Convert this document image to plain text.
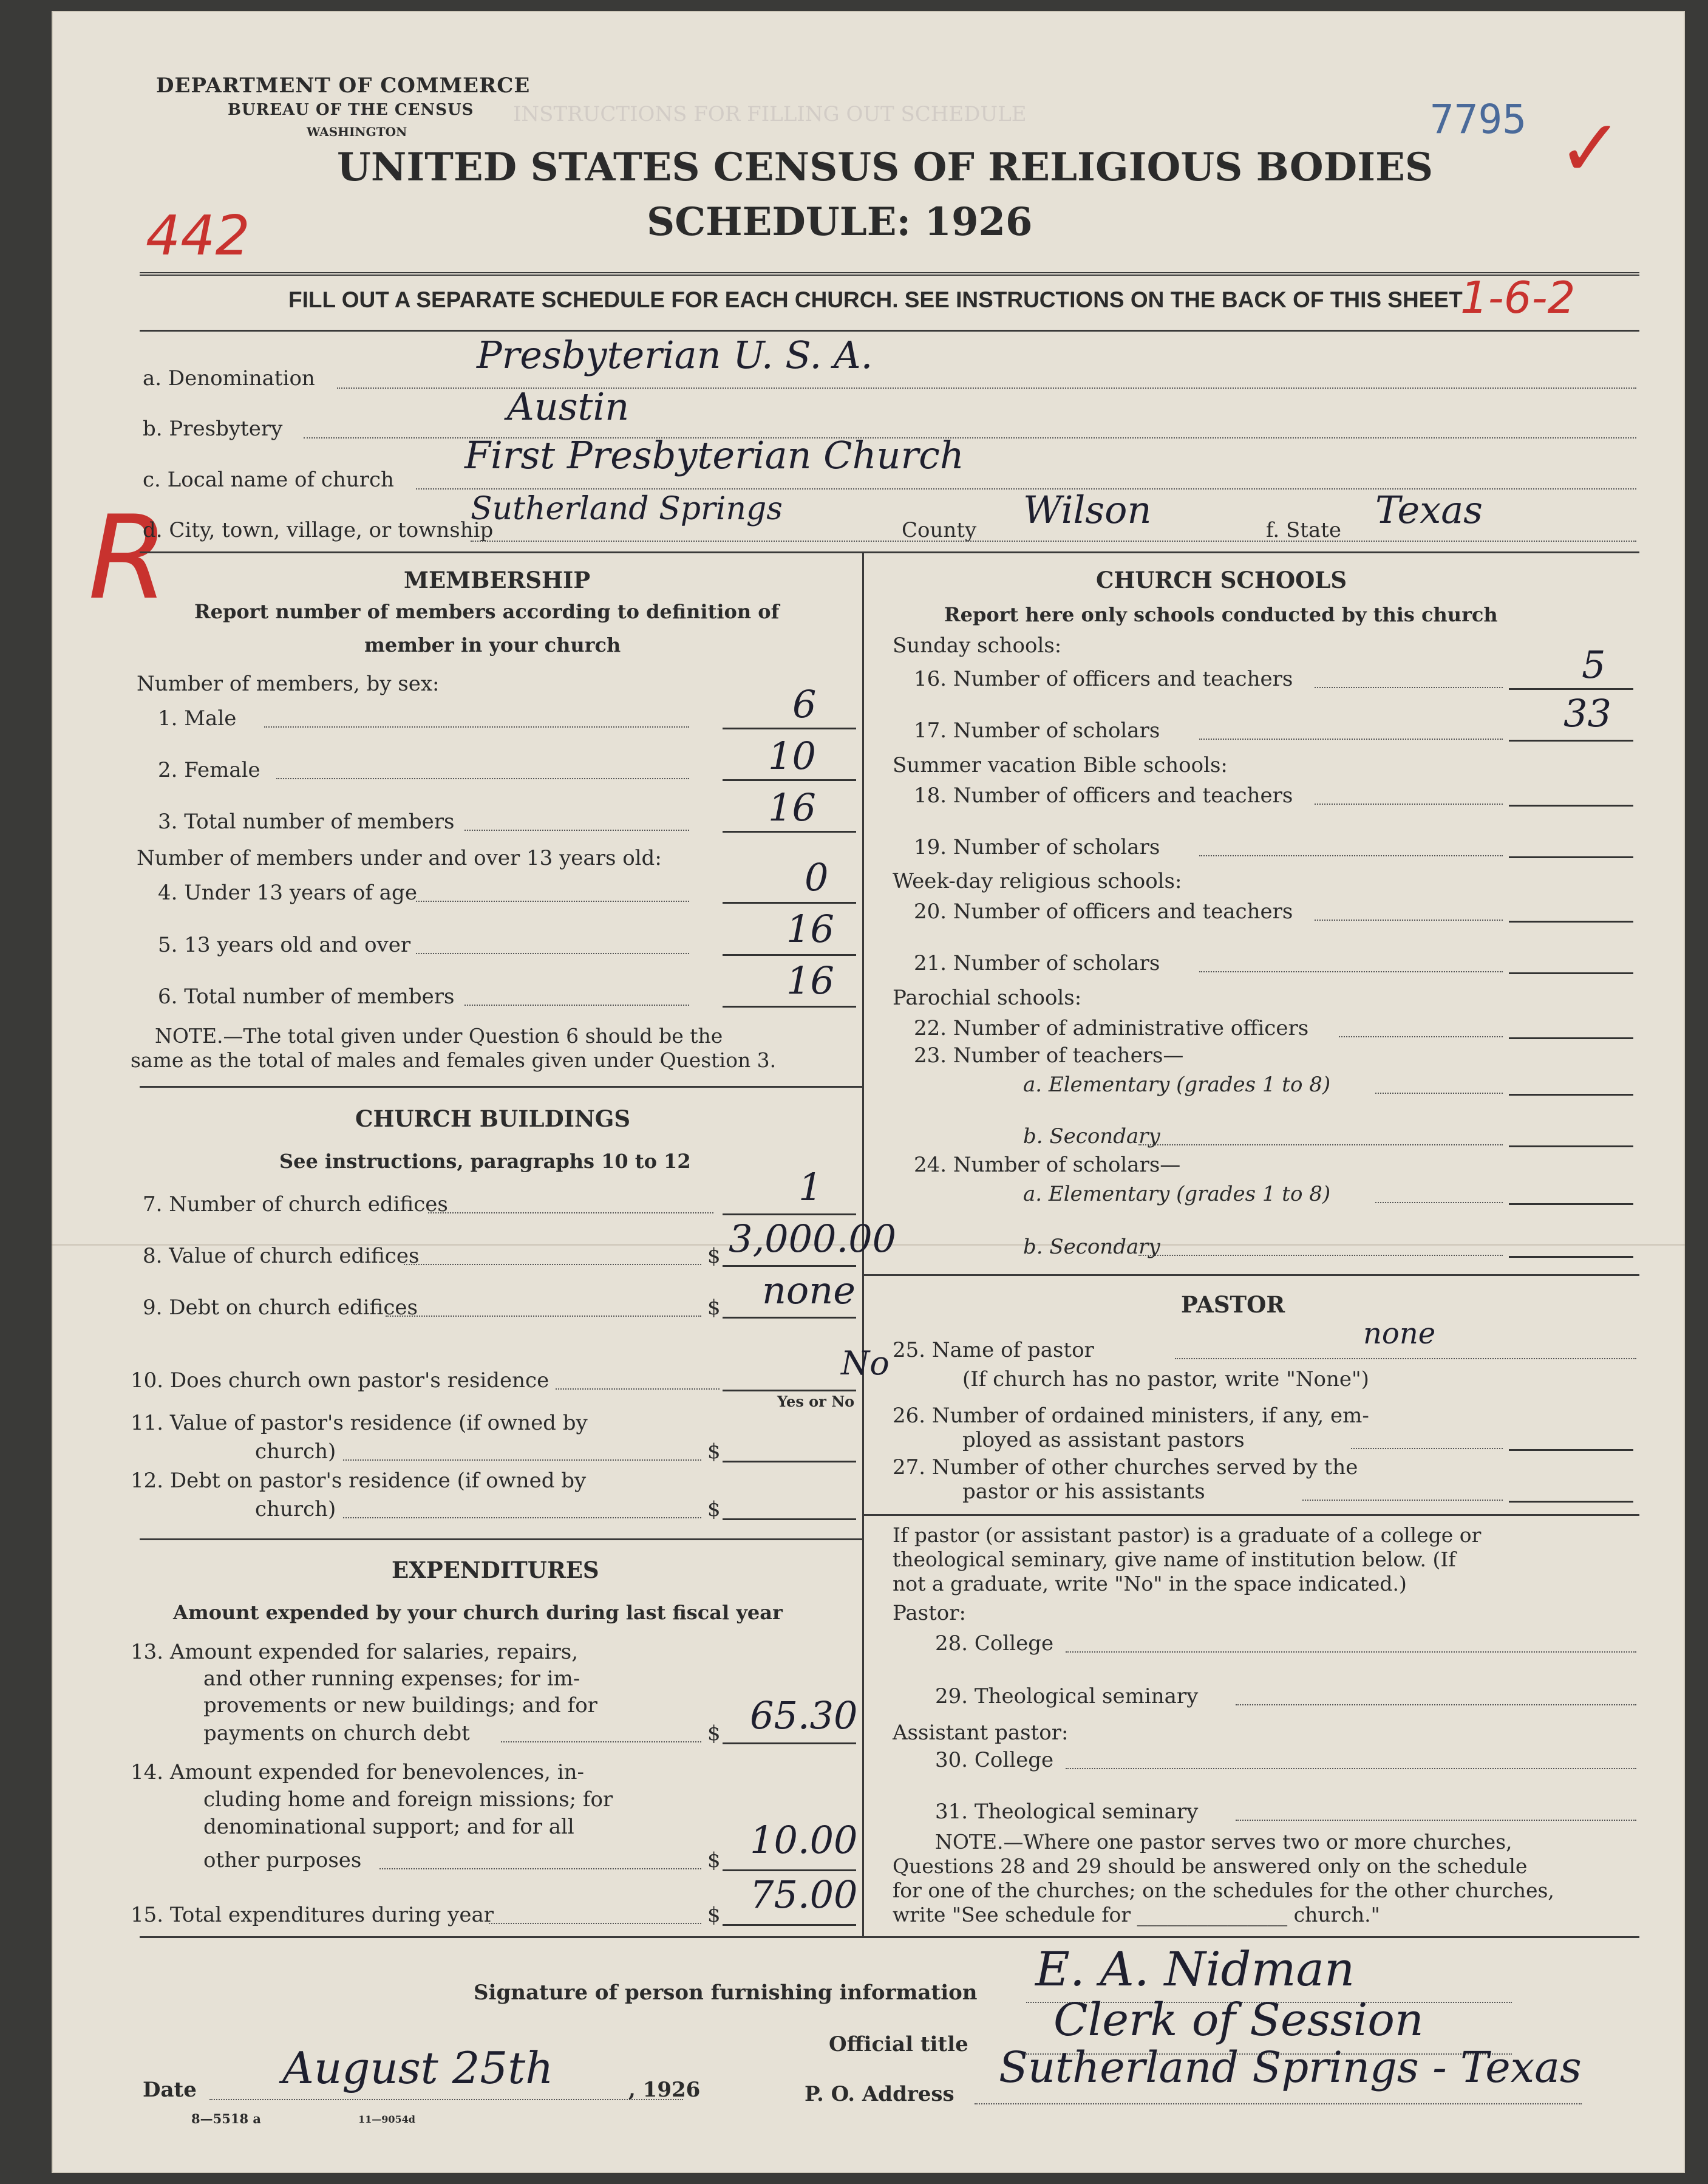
INSTRUCTIONS FOR FILLING OUT SCHEDULE
DEPARTMENT OF COMMERCE
BUREAU OF THE CENSUS
WASHINGTON	7795
UNITED STATES CENSUS OF RELIGIOUS BODIES
SCHEDULE: 1926
442
1-6-2
R
✓
FILL OUT A SEPARATE SCHEDULE FOR EACH CHURCH. SEE INSTRUCTIONS ON THE BACK OF THIS SHEET
a. Denomination
Presbyterian U. S. A.
b. Presbytery	Austin
c. Local name of church
First Presbyterian Church
d. City, town, village, or township
Sutherland Springs
County Wilson	f. State Texas
MEMBERSHIP
Report number of members according to definition of
member in your church
Number of members, by sex:
1. Male	6
2. Female	10
3. Total number of members	16
Number of members under and over 13 years old:
4. Under 13 years of age	0
5. 13 years old and over	16
6. Total number of members	16
NOTE.—The total given under Question 6 should be the
same as the total of males and females given under Question 3.
CHURCH BUILDINGS
See instructions, paragraphs 10 to 12
7. Number of church edifices	1
8. Value of church edifices	$ 3,000.00
9. Debt on church edifices	$ none
10. Does church own pastor's residence	No
Yes or No
11. Value of pastor's residence (if owned by
church)	$
12. Debt on pastor's residence (if owned by
church)	$
EXPENDITURES
Amount expended by your church during last fiscal year
13. Amount expended for salaries, repairs,
and other running expenses; for im-
provements or new buildings; and for
payments on church debt	$ 65.30
14. Amount expended for benevolences, in-
cluding home and foreign missions; for
denominational support; and for all
other purposes	$ 10.00
15. Total expenditures during year	$ 75.00
CHURCH SCHOOLS
Report here only schools conducted by this church
Sunday schools:
16. Number of officers and teachers	5
17. Number of scholars	33
Summer vacation Bible schools:
18. Number of officers and teachers
19. Number of scholars
Week-day religious schools:
20. Number of officers and teachers
21. Number of scholars
Parochial schools:
22. Number of administrative officers
23. Number of teachers—
a. Elementary (grades 1 to 8)
b. Secondary
24. Number of scholars—
a. Elementary (grades 1 to 8)
b. Secondary
PASTOR
25. Name of pastor	none
(If church has no pastor, write "None")
26. Number of ordained ministers, if any, em-
ployed as assistant pastors
27. Number of other churches served by the
pastor or his assistants
If pastor (or assistant pastor) is a graduate of a college or
theological seminary, give name of institution below. (If
not a graduate, write "No" in the space indicated.)
Pastor:
28. College
29. Theological seminary
Assistant pastor:
30. College
31. Theological seminary
NOTE.—Where one pastor serves two or more churches,
Questions 28 and 29 should be answered only on the schedule
for one of the churches; on the schedules for the other churches,
write "See schedule for _______________ church."
Signature of person furnishing information E. A. Nidman
Official title Clerk of Session
Date August 25th	, 1926	P. O. Address
Sutherland Springs - Texas
8—5518 a	11—9054d
